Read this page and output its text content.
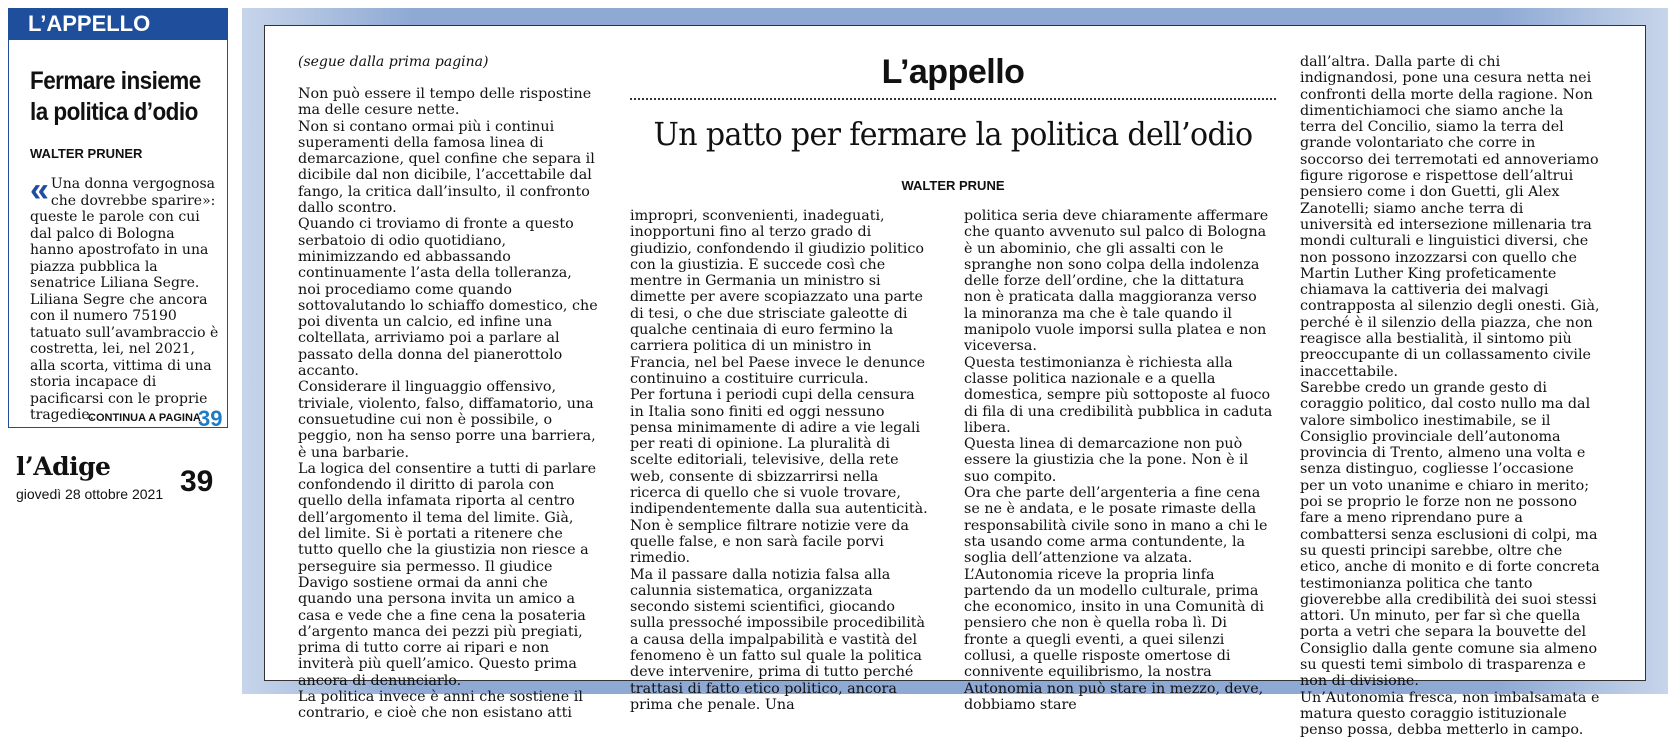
L’APPELLO
Fermare insieme la politica d’odio
WALTER PRUNER
« Una donna vergognosa che dovrebbe sparire»: queste le parole con cui dal palco di Bologna hanno apostrofato in una piazza pubblica la senatrice Liliana Segre. Liliana Segre che ancora con il numero 75190 tatuato sull’avambraccio è costretta, lei, nel 2021, alla scorta, vittima di una storia incapace di pacificarsi con le proprie tragedie.
CONTINUA A PAGINA
39
l’Adige
giovedì 28 ottobre 2021 39
(segue dalla prima pagina)	L’appello
Un patto per fermare la politica dell’odio
WALTER PRUNE

Non può essere il tempo delle rispostine ma delle cesure nette.

Non si contano ormai più i continui superamenti della famosa linea di demarcazione, quel confine che separa il dicibile dal non dicibile, l’accettabile dal fango, la critica dall’insulto, il confronto dallo scontro.

Quando ci troviamo di fronte a questo serbatoio di odio quotidiano, minimizzando ed abbassando continuamente l’asta della tolleranza, noi procediamo come quando sottovalutando lo schiaffo domestico, che poi diventa un calcio, ed infine una coltellata, arriviamo poi a parlare al passato della donna del pianerottolo accanto.

Considerare il linguaggio offensivo, triviale, violento, falso, diffamatorio, una consuetudine cui non è possibile, o peggio, non ha senso porre una barriera, è una barbarie.

La logica del consentire a tutti di parlare confondendo il diritto di parola con quello della infamata riporta al centro dell’argomento il tema del limite. Già, del limite. Si è portati a ritenere che tutto quello che la giustizia non riesce a perseguire sia permesso. Il giudice Davigo sostiene ormai da anni che quando una persona invita un amico a casa e vede che a fine cena la posateria d’argento manca dei pezzi più pregiati, prima di tutto corre ai ripari e non inviterà più quell’amico. Questo prima ancora di denunciarlo.

La politica invece è anni che sostiene il contrario, e cioè che non esistano atti

impropri, sconvenienti, inadeguati, inopportuni fino al terzo grado di giudizio, confondendo il giudizio politico con la giustizia. E succede così che mentre in Germania un ministro si dimette per avere scopiazzato una parte di tesi, o che due strisciate galeotte di qualche centinaia di euro fermino la carriera politica di un ministro in Francia, nel bel Paese invece le denunce continuino a costituire curricula.

Per fortuna i periodi cupi della censura in Italia sono finiti ed oggi nessuno pensa minimamente di adire a vie legali per reati di opinione. La pluralità di scelte editoriali, televisive, della rete web, consente di sbizzarrirsi nella ricerca di quello che si vuole trovare, indipendentemente dalla sua autenticità. Non è semplice filtrare notizie vere da quelle false, e non sarà facile porvi rimedio.

Ma il passare dalla notizia falsa alla calunnia sistematica, organizzata secondo sistemi scientifici, giocando sulla pressoché impossibile procedibilità a causa della impalpabilità e vastità del fenomeno è un fatto sul quale la politica deve intervenire, prima di tutto perché trattasi di fatto etico politico, ancora prima che penale. Una

politica seria deve chiaramente affermare che quanto avvenuto sul palco di Bologna è un abominio, che gli assalti con le spranghe non sono colpa della indolenza delle forze dell’ordine, che la dittatura non è praticata dalla maggioranza verso la minoranza ma che è tale quando il manipolo vuole imporsi sulla platea e non viceversa.

Questa testimonianza è richiesta alla classe politica nazionale e a quella domestica, sempre più sottoposte al fuoco di fila di una credibilità pubblica in caduta libera.

Questa linea di demarcazione non può essere la giustizia che la pone. Non è il suo compito.

Ora che parte dell’argenteria a fine cena se ne è andata, e le posate rimaste della responsabilità civile sono in mano a chi le sta usando come arma contundente, la soglia dell’attenzione va alzata.

L’Autonomia riceve la propria linfa partendo da un modello culturale, prima che economico, insito in una Comunità di pensiero che non è quella roba lì. Di fronte a quegli eventi, a quei silenzi collusi, a quelle risposte omertose di connivente equilibrismo, la nostra Autonomia non può stare in mezzo, deve, dobbiamo stare

dall’altra. Dalla parte di chi indignandosi, pone una cesura netta nei confronti della morte della ragione. Non dimentichiamoci che siamo anche la terra del Concilio, siamo la terra del grande volontariato che corre in soccorso dei terremotati ed annoveriamo figure rigorose e rispettose dell’altrui pensiero come i don Guetti, gli Alex Zanotelli; siamo anche terra di università ed intersezione millenaria tra mondi culturali e linguistici diversi, che non possono inzozzarsi con quello che Martin Luther King profeticamente chiamava la cattiveria dei malvagi contrapposta al silenzio degli onesti. Già, perché è il silenzio della piazza, che non reagisce alla bestialità, il sintomo più preoccupante di un collassamento civile inaccettabile.

Sarebbe credo un grande gesto di coraggio politico, dal costo nullo ma dal valore simbolico inestimabile, se il Consiglio provinciale dell’autonoma provincia di Trento, almeno una volta e senza distinguo, cogliesse l’occasione per un voto unanime e chiaro in merito; poi se proprio le forze non ne possono fare a meno riprendano pure a combattersi senza esclusioni di colpi, ma su questi principi sarebbe, oltre che etico, anche di monito e di forte concreta testimonianza politica che tanto gioverebbe alla credibilità dei suoi stessi attori. Un minuto, per far sì che quella porta a vetri che separa la bouvette del Consiglio dalla gente comune sia almeno su questi temi simbolo di trasparenza e non di divisione.

Un’Autonomia fresca, non imbalsamata e matura questo coraggio istituzionale penso possa, debba metterlo in campo.
